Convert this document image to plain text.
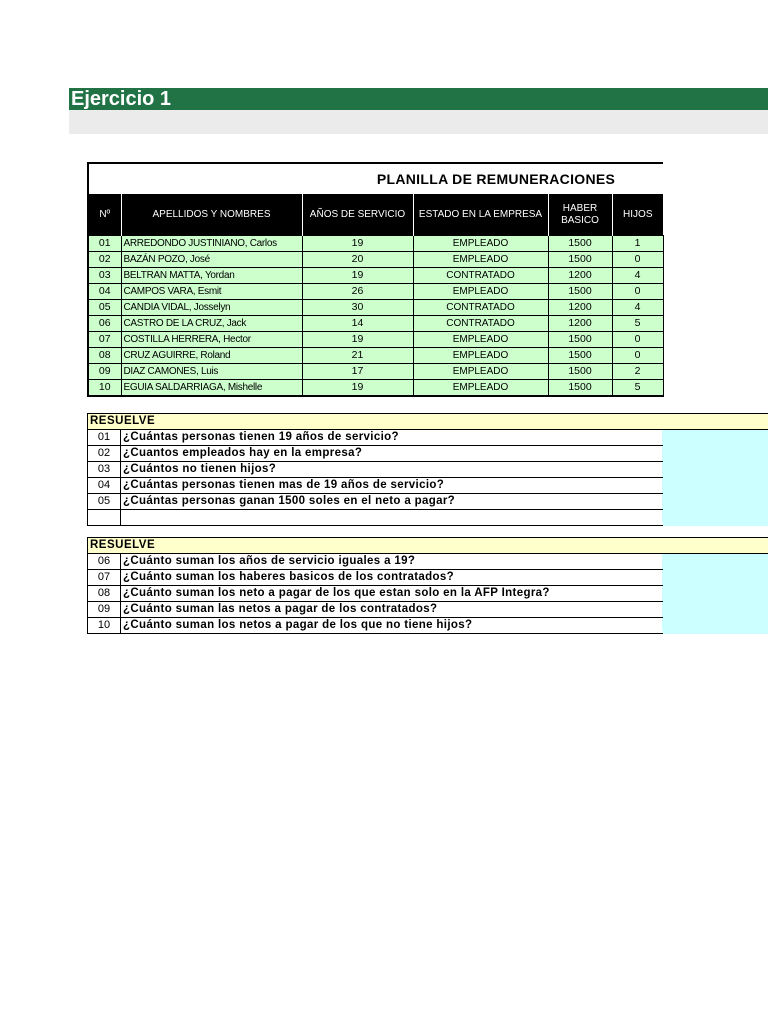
Ejercicio 1
PLANILLA DE REMUNERACIONES					
Nº	APELLIDOS Y NOMBRES	AÑOS DE SERVICIO	ESTADO EN LA EMPRESA	HABER BASICO	HIJOS
01	ARREDONDO JUSTINIANO, Carlos	19	EMPLEADO	1500	1
02	BAZÁN POZO, José	20	EMPLEADO	1500	0
03	BELTRAN MATTA, Yordan	19	CONTRATADO	1200	4
04	CAMPOS VARA, Esmit	26	EMPLEADO	1500	0
05	CANDIA VIDAL, Josselyn	30	CONTRATADO	1200	4
06	CASTRO DE LA CRUZ, Jack	14	CONTRATADO	1200	5
07	COSTILLA HERRERA, Hector	19	EMPLEADO	1500	0
08	CRUZ AGUIRRE, Roland	21	EMPLEADO	1500	0
09	DIAZ CAMONES, Luis	17	EMPLEADO	1500	2
10	EGUIA SALDARRIAGA, Mishelle	19	EMPLEADO	1500	5
RESUELVE		
01	¿Cuántas personas tienen 19 años de servicio?	
02	¿Cuantos empleados hay en la empresa?	
03	¿Cuántos no tienen hijos?	
04	¿Cuántas personas tienen mas de 19 años de servicio?	
05	¿Cuántas personas ganan 1500 soles en el neto a pagar?	

RESUELVE		
06	¿Cuánto suman los años de servicio iguales a 19?	
07	¿Cuánto suman los haberes basicos de los contratados?	
08	¿Cuánto suman los neto a pagar de los que estan solo en la AFP Integra?	
09	¿Cuánto suman las netos a pagar de los contratados?	
10	¿Cuánto suman los netos a pagar de los que no tiene hijos?	
